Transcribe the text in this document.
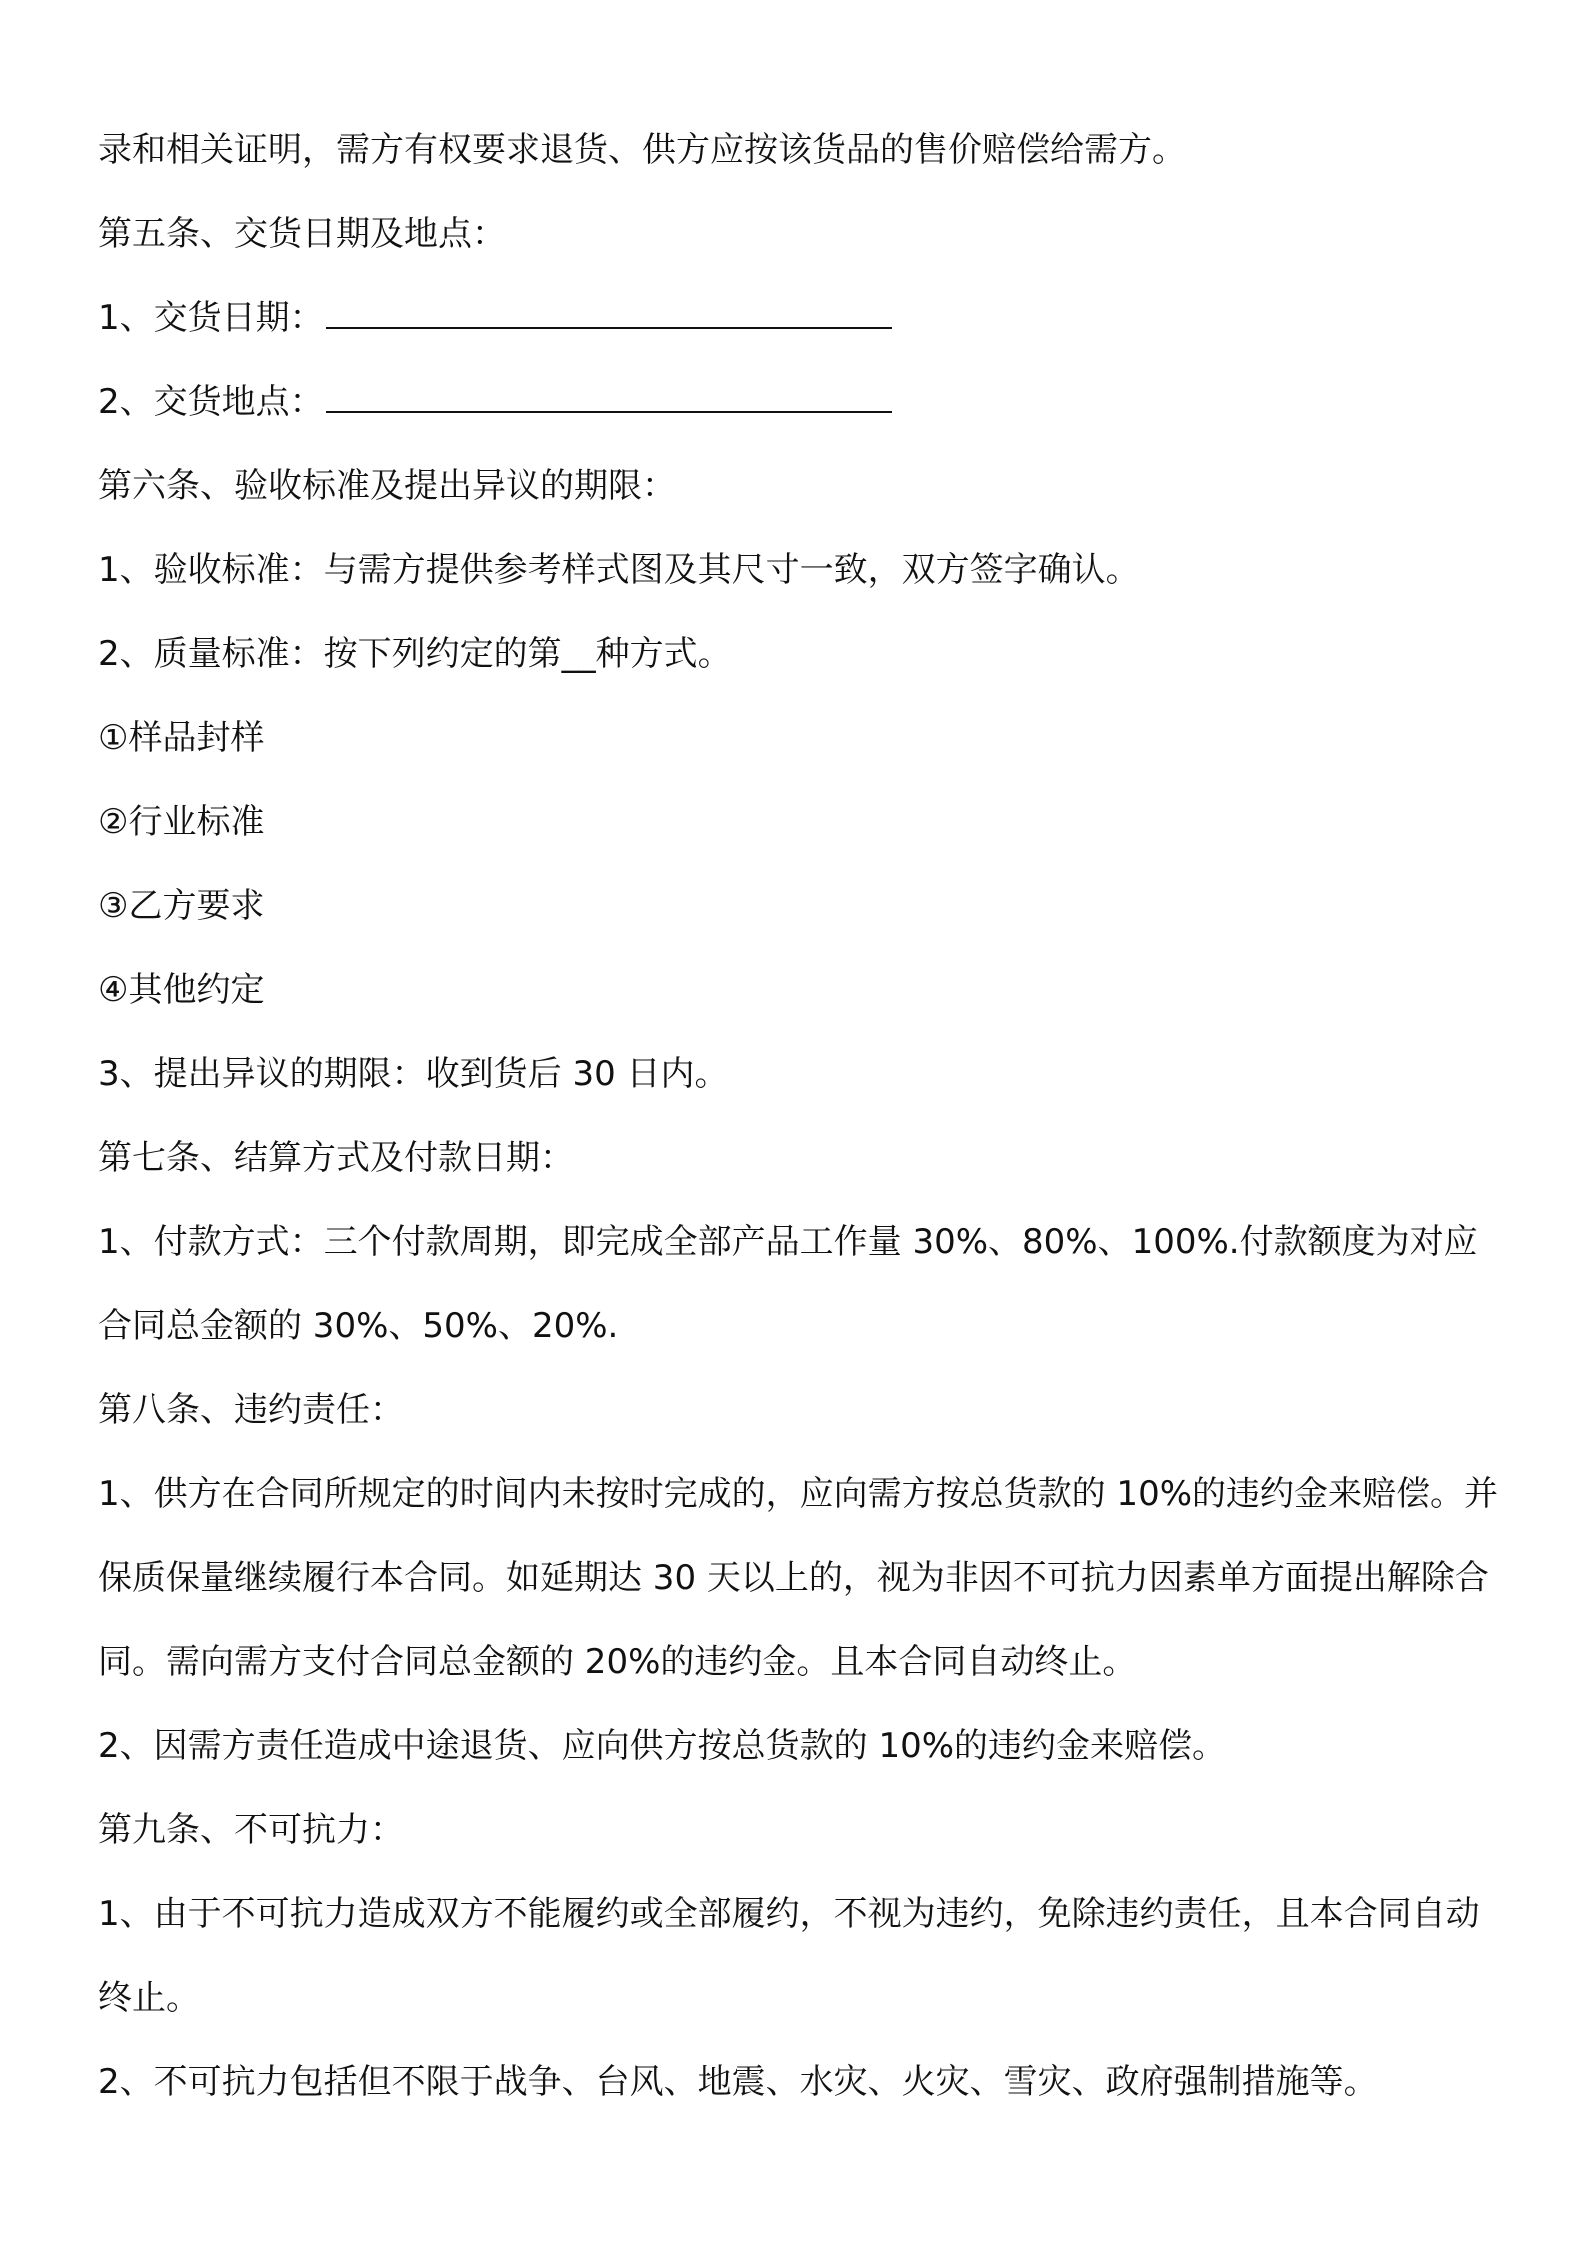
录和相关证明，需方有权要求退货、供方应按该货品的售价赔偿给需方。

第五条、交货日期及地点：

1、交货日期：

2、交货地点：

第六条、验收标准及提出异议的期限：

1、验收标准：与需方提供参考样式图及其尺寸一致，双方签字确认。

2、质量标准：按下列约定的第__种方式。

①样品封样

②行业标准

③乙方要求

④其他约定

3、提出异议的期限：收到货后 30 日内。

第七条、结算方式及付款日期：

1、付款方式：三个付款周期，即完成全部产品工作量 30%、80%、100%.付款额度为对应合同总金额的 30%、50%、20%.

第八条、违约责任：

1、供方在合同所规定的时间内未按时完成的，应向需方按总货款的 10%的违约金来赔偿。并保质保量继续履行本合同。如延期达 30 天以上的，视为非因不可抗力因素单方面提出解除合同。需向需方支付合同总金额的 20%的违约金。且本合同自动终止。

2、因需方责任造成中途退货、应向供方按总货款的 10%的违约金来赔偿。

第九条、不可抗力：

1、由于不可抗力造成双方不能履约或全部履约，不视为违约，免除违约责任，且本合同自动终止。

2、不可抗力包括但不限于战争、台风、地震、水灾、火灾、雪灾、政府强制措施等。
